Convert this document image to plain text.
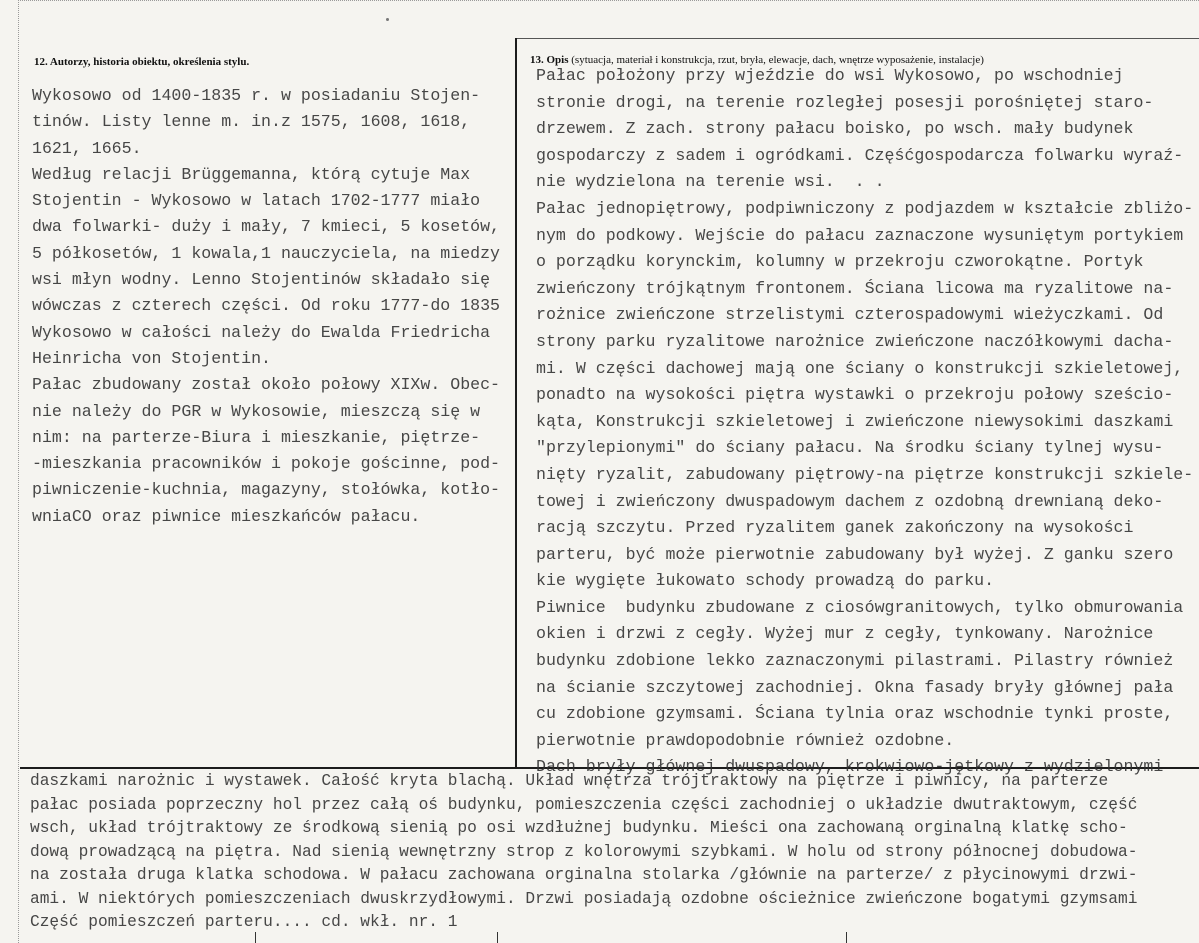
12. Autorzy, historia obiektu, określenia stylu.	13. Opis (sytuacja, materiał i konstrukcja, rzut, bryła, elewacje, dach, wnętrze wyposażenie, instalacje)
Wykosowo od 1400-1835 r. w posiadaniu Stojen-
tinów. Listy lenne m. in.z 1575, 1608, 1618,
1621, 1665.
Według relacji Brüggemanna, którą cytuje Max
Stojentin - Wykosowo w latach 1702-1777 miało
dwa folwarki- duży i mały, 7 kmieci, 5 kosetów,
5 półkosetów, 1 kowala,1 nauczyciela, na miedzy
wsi młyn wodny. Lenno Stojentinów składało się
wówczas z czterech części. Od roku 1777-do 1835
Wykosowo w całości należy do Ewalda Friedricha
Heinricha von Stojentin.
Pałac zbudowany został około połowy XIXw. Obec-
nie należy do PGR w Wykosowie, mieszczą się w
nim: na parterze-Biura i mieszkanie, piętrze-
-mieszkania pracowników i pokoje gościnne, pod-
piwniczenie-kuchnia, magazyny, stołówka, kotło-
wniaCO oraz piwnice mieszkańców pałacu.
Pałac położony przy wjeździe do wsi Wykosowo, po wschodniej
stronie drogi, na terenie rozległej posesji porośniętej staro-
drzewem. Z zach. strony pałacu boisko, po wsch. mały budynek
gospodarczy z sadem i ogródkami. Częśćgospodarcza folwarku wyraź-
nie wydzielona na terenie wsi.  . .
Pałac jednopiętrowy, podpiwniczony z podjazdem w kształcie zbliżo-
nym do podkowy. Wejście do pałacu zaznaczone wysuniętym portykiem
o porządku korynckim, kolumny w przekroju czworokątne. Portyk
zwieńczony trójkątnym frontonem. Ściana licowa ma ryzalitowe na-
rożnice zwieńczone strzelistymi czterospadowymi wieżyczkami. Od
strony parku ryzalitowe narożnice zwieńczone naczółkowymi dacha-
mi. W części dachowej mają one ściany o konstrukcji szkieletowej,
ponadto na wysokości piętra wystawki o przekroju połowy sześcio-
kąta, Konstrukcji szkieletowej i zwieńczone niewysokimi daszkami
"przylepionymi" do ściany pałacu. Na środku ściany tylnej wysu-
nięty ryzalit, zabudowany piętrowy-na piętrze konstrukcji szkiele-
towej i zwieńczony dwuspadowym dachem z ozdobną drewnianą deko-
racją szczytu. Przed ryzalitem ganek zakończony na wysokości
parteru, być może pierwotnie zabudowany był wyżej. Z ganku szero
kie wygięte łukowato schody prowadzą do parku.
Piwnice  budynku zbudowane z ciosówgranitowych, tylko obmurowania
okien i drzwi z cegły. Wyżej mur z cegły, tynkowany. Narożnice
budynku zdobione lekko zaznaczonymi pilastrami. Pilastry również
na ścianie szczytowej zachodniej. Okna fasady bryły głównej pała
cu zdobione gzymsami. Ściana tylnia oraz wschodnie tynki proste,
pierwotnie prawdopodobnie również ozdobne.
Dach bryły głównej dwuspadowy, krokwiowo-jętkowy z wydzielonymi
daszkami narożnic i wystawek. Całość kryta blachą. Układ wnętrza trójtraktowy na piętrze i piwnicy, na parterze
pałac posiada poprzeczny hol przez całą oś budynku, pomieszczenia części zachodniej o układzie dwutraktowym, część
wsch, układ trójtraktowy ze środkową sienią po osi wzdłużnej budynku. Mieści ona zachowaną orginalną klatkę scho-
dową prowadzącą na piętra. Nad sienią wewnętrzny strop z kolorowymi szybkami. W holu od strony północnej dobudowa-
na została druga klatka schodowa. W pałacu zachowana orginalna stolarka /głównie na parterze/ z płycinowymi drzwi-
ami. W niektórych pomieszczeniach dwuskrzydłowymi. Drzwi posiadają ozdobne ościeżnice zwieńczone bogatymi gzymsami
Część pomieszczeń parteru.... cd. wkł. nr. 1
